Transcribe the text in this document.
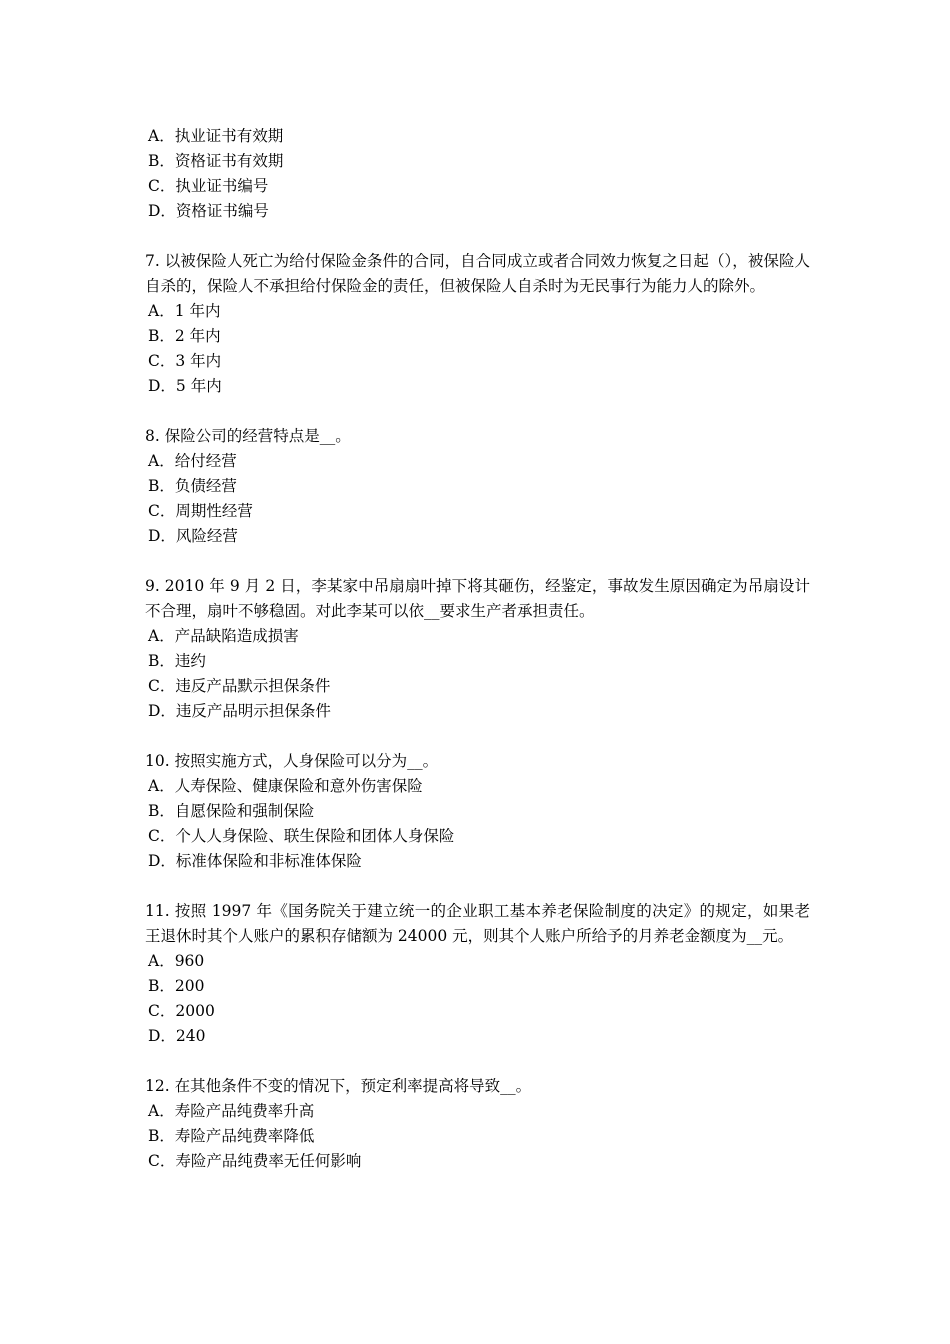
A．执业证书有效期
B．资格证书有效期
C．执业证书编号
D．资格证书编号
7. 以被保险人死亡为给付保险金条件的合同，自合同成立或者合同效力恢复之日起（），被保险人自杀的，保险人不承担给付保险金的责任，但被保险人自杀时为无民事行为能力人的除外。
A．1 年内
B．2 年内
C．3 年内
D．5 年内
8. 保险公司的经营特点是__。
A．给付经营
B．负债经营
C．周期性经营
D．风险经营
9. 2010 年 9 月 2 日，李某家中吊扇扇叶掉下将其砸伤，经鉴定，事故发生原因确定为吊扇设计不合理，扇叶不够稳固。对此李某可以依__要求生产者承担责任。
A．产品缺陷造成损害
B．违约
C．违反产品默示担保条件
D．违反产品明示担保条件
10. 按照实施方式，人身保险可以分为__。
A．人寿保险、健康保险和意外伤害保险
B．自愿保险和强制保险
C．个人人身保险、联生保险和团体人身保险
D．标准体保险和非标准体保险
11. 按照 1997 年《国务院关于建立统一的企业职工基本养老保险制度的决定》的规定，如果老王退休时其个人账户的累积存储额为 24000 元，则其个人账户所给予的月养老金额度为__元。
A．960
B．200
C．2000
D．240
12. 在其他条件不变的情况下，预定利率提高将导致__。
A．寿险产品纯费率升高
B．寿险产品纯费率降低
C．寿险产品纯费率无任何影响
